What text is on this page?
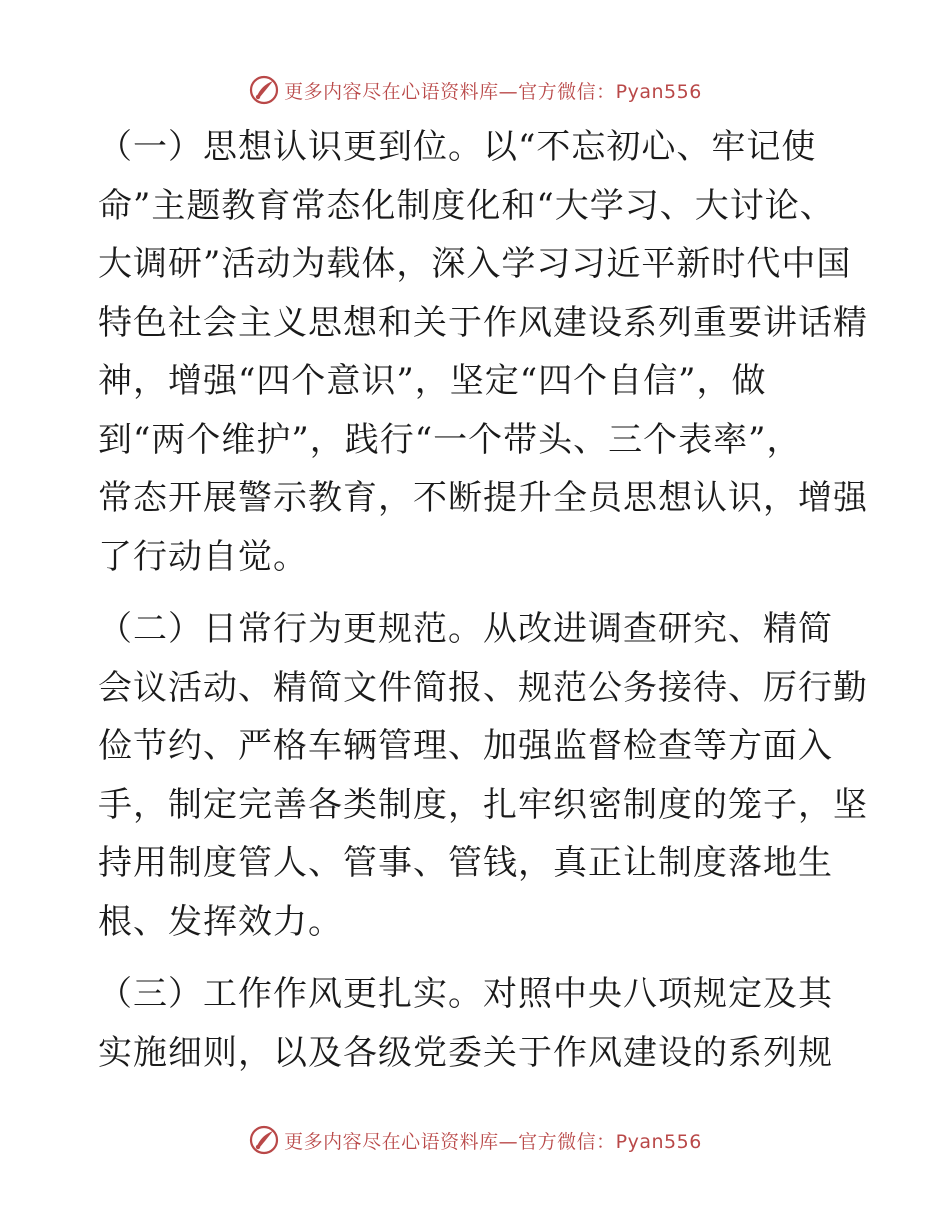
更多内容尽在心语资料库—官方微信：Pyan556

（一）思想认识更到位。以“不忘初心、牢记使
命”主题教育常态化制度化和“大学习、大讨论、
大调研”活动为载体，深入学习习近平新时代中国
特色社会主义思想和关于作风建设系列重要讲话精
神，增强“四个意识”，坚定“四个自信”，做
到“两个维护”，践行“一个带头、三个表率”，
常态开展警示教育，不断提升全员思想认识，增强
了行动自觉。

（二）日常行为更规范。从改进调查研究、精简
会议活动、精简文件简报、规范公务接待、厉行勤
俭节约、严格车辆管理、加强监督检查等方面入
手，制定完善各类制度，扎牢织密制度的笼子，坚
持用制度管人、管事、管钱，真正让制度落地生
根、发挥效力。

（三）工作作风更扎实。对照中央八项规定及其
实施细则，以及各级党委关于作风建设的系列规

更多内容尽在心语资料库—官方微信：Pyan556
